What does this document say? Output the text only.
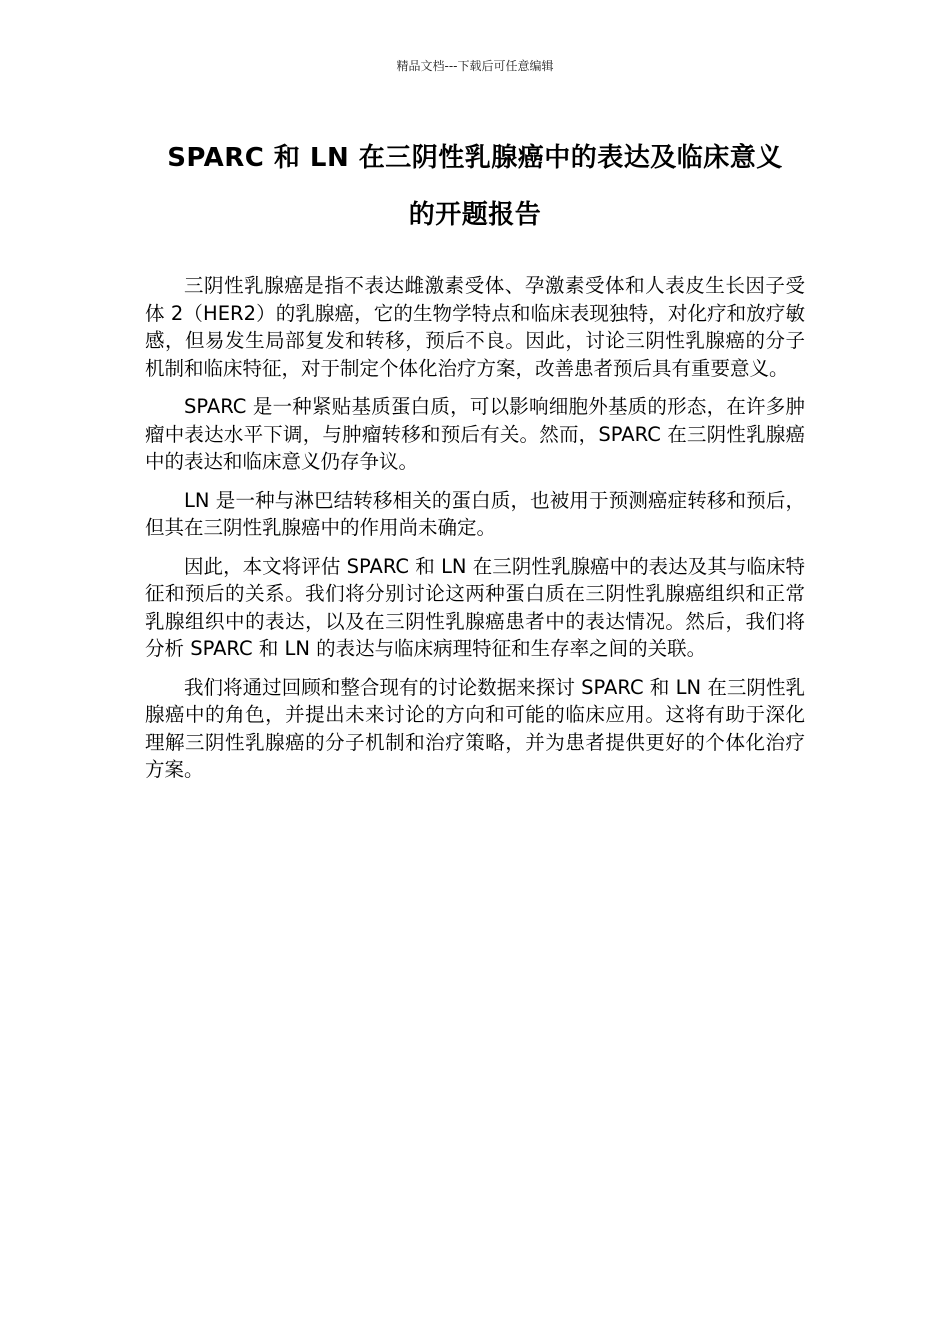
精品文档---下载后可任意编辑
SPARC 和 LN 在三阴性乳腺癌中的表达及临床意义
的开题报告

三阴性乳腺癌是指不表达雌激素受体、孕激素受体和人表皮生长因子受体 2（HER2）的乳腺癌，它的生物学特点和临床表现独特，对化疗和放疗敏感，但易发生局部复发和转移，预后不良。因此，讨论三阴性乳腺癌的分子机制和临床特征，对于制定个体化治疗方案，改善患者预后具有重要意义。

SPARC 是一种紧贴基质蛋白质，可以影响细胞外基质的形态，在许多肿瘤中表达水平下调，与肿瘤转移和预后有关。然而，SPARC 在三阴性乳腺癌中的表达和临床意义仍存争议。

LN 是一种与淋巴结转移相关的蛋白质，也被用于预测癌症转移和预后，但其在三阴性乳腺癌中的作用尚未确定。

因此，本文将评估 SPARC 和 LN 在三阴性乳腺癌中的表达及其与临床特征和预后的关系。我们将分别讨论这两种蛋白质在三阴性乳腺癌组织和正常乳腺组织中的表达，以及在三阴性乳腺癌患者中的表达情况。然后，我们将分析 SPARC 和 LN 的表达与临床病理特征和生存率之间的关联。

我们将通过回顾和整合现有的讨论数据来探讨 SPARC 和 LN 在三阴性乳腺癌中的角色，并提出未来讨论的方向和可能的临床应用。这将有助于深化理解三阴性乳腺癌的分子机制和治疗策略，并为患者提供更好的个体化治疗方案。
